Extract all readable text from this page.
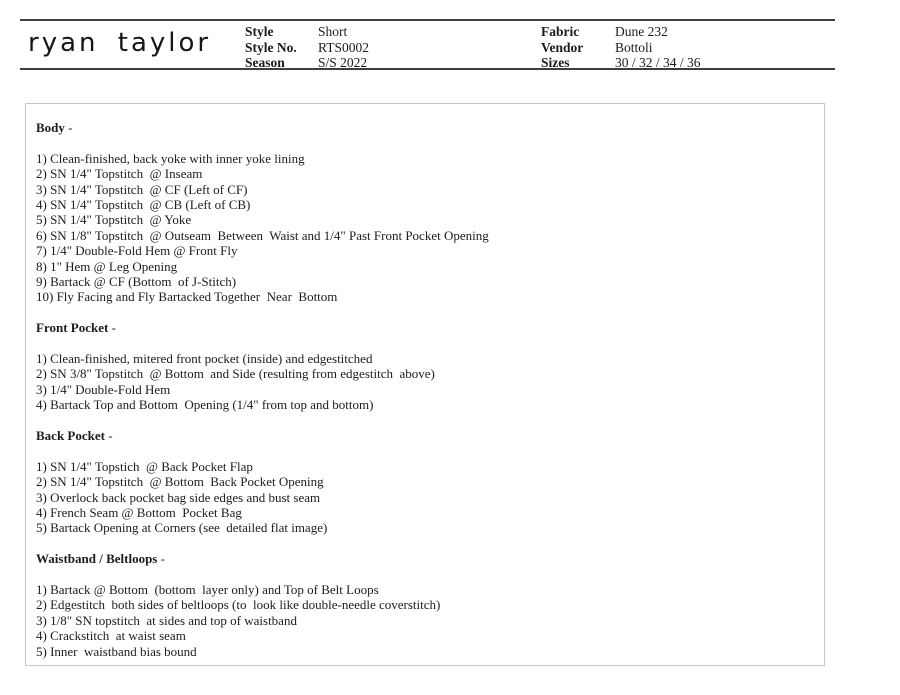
ryan taylor	Style
Style No.
Season
Short
RTS0002
S/S 2022
Fabric
Vendor
Sizes
Dune 232
Bottoli
30 / 32 / 34 / 36
Body -
1) Clean-finished, back yoke with inner yoke lining
2) SN 1/4" Topstitch  @ Inseam
3) SN 1/4" Topstitch  @ CF (Left of CF)
4) SN 1/4" Topstitch  @ CB (Left of CB)
5) SN 1/4" Topstitch  @ Yoke
6) SN 1/8" Topstitch  @ Outseam  Between  Waist and 1/4" Past Front Pocket Opening
7) 1/4" Double-Fold Hem @ Front Fly
8) 1" Hem @ Leg Opening
9) Bartack @ CF (Bottom  of J-Stitch)
10) Fly Facing and Fly Bartacked Together  Near  Bottom
Front Pocket -
1) Clean-finished, mitered front pocket (inside) and edgestitched
2) SN 3/8" Topstitch  @ Bottom  and Side (resulting from edgestitch  above)
3) 1/4" Double-Fold Hem
4) Bartack Top and Bottom  Opening (1/4" from top and bottom)
Back Pocket -
1) SN 1/4" Topstich  @ Back Pocket Flap
2) SN 1/4" Topstitch  @ Bottom  Back Pocket Opening
3) Overlock back pocket bag side edges and bust seam
4) French Seam @ Bottom  Pocket Bag
5) Bartack Opening at Corners (see  detailed flat image)
Waistband / Beltloops -
1) Bartack @ Bottom  (bottom  layer only) and Top of Belt Loops
2) Edgestitch  both sides of beltloops (to  look like double-needle coverstitch)
3) 1/8" SN topstitch  at sides and top of waistband
4) Crackstitch  at waist seam
5) Inner  waistband bias bound
